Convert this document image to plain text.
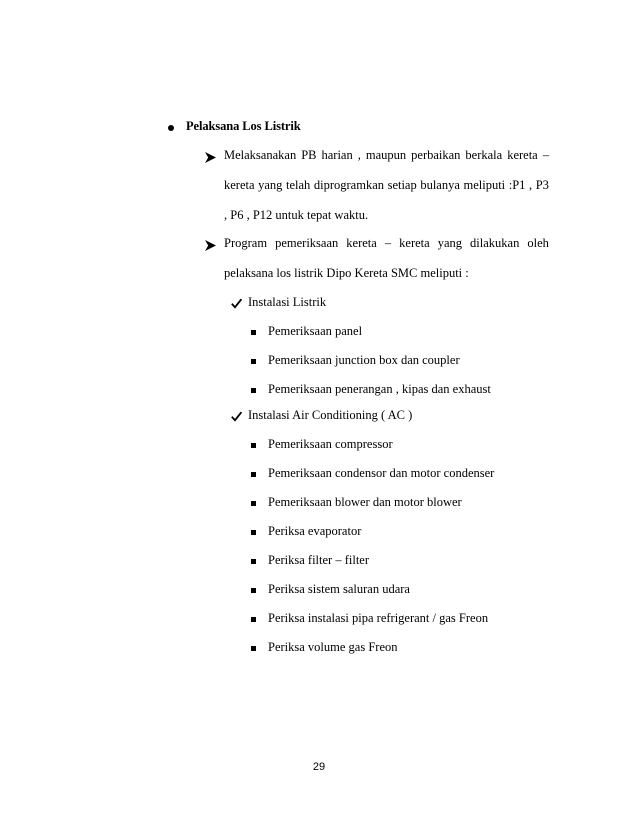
Pelaksana Los Listrik
Melaksanakan PB harian , maupun perbaikan berkala kereta –
kereta yang telah diprogramkan setiap bulanya meliputi :P1 , P3
, P6 , P12 untuk tepat waktu.
Program pemeriksaan kereta – kereta yang dilakukan oleh
pelaksana los listrik Dipo Kereta SMC meliputi :
Instalasi Listrik
Pemeriksaan panel
Pemeriksaan junction box dan coupler
Pemeriksaan penerangan , kipas dan exhaust
Instalasi Air Conditioning ( AC )
Pemeriksaan compressor
Pemeriksaan condensor dan motor condenser
Pemeriksaan blower dan motor blower
Periksa evaporator
Periksa filter – filter
Periksa sistem saluran udara
Periksa instalasi pipa refrigerant / gas Freon
Periksa volume gas Freon
29
